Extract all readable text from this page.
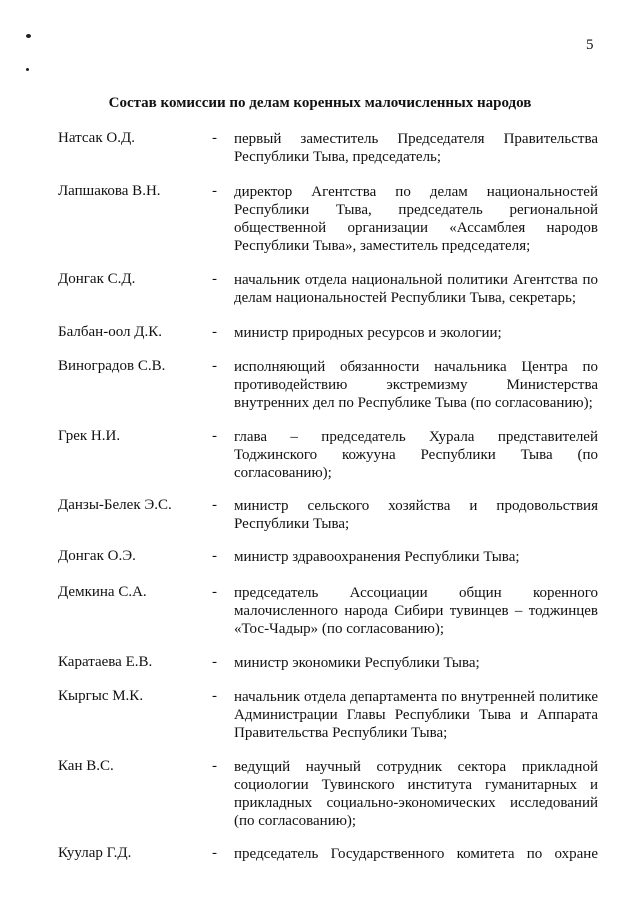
5
Состав комиссии по делам коренных малочисленных народов
Натсак О.Д.	- первый заместитель Председателя Правительства Республики Тыва, председатель;
Лапшакова В.Н.	- директор Агентства по делам национальностей Республики Тыва, председатель региональной общественной организации «Ассамблея народов Республики Тыва», заместитель председателя;
Донгак С.Д.	- начальник отдела национальной политики Агентства по делам национальностей Республики Тыва, секретарь;
Балбан-оол Д.К.	- министр природных ресурсов и экологии;
Виноградов С.В.	- исполняющий обязанности начальника Центра по противодействию экстремизму Министерства внутренних дел по Республике Тыва (по согласованию);
Грек Н.И.	- глава – председатель Хурала представителей Тоджинского кожууна Республики Тыва (по согласованию);
Данзы-Белек Э.С.	- министр сельского хозяйства и продовольствия Республики Тыва;
Донгак О.Э.	- министр здравоохранения Республики Тыва;
Демкина С.А.	- председатель Ассоциации общин коренного малочисленного народа Сибири тувинцев – тоджинцев «Тос-Чадыр» (по согласованию);
Каратаева Е.В.	- министр экономики Республики Тыва;
Кыргыс М.К.	- начальник отдела департамента по внутренней политике Администрации Главы Республики Тыва и Аппарата Правительства Республики Тыва;
Кан В.С.	- ведущий научный сотрудник сектора прикладной социологии Тувинского института гуманитарных и прикладных социально-экономических исследований (по согласованию);
Куулар Г.Д.	- председатель Государственного комитета по охране
